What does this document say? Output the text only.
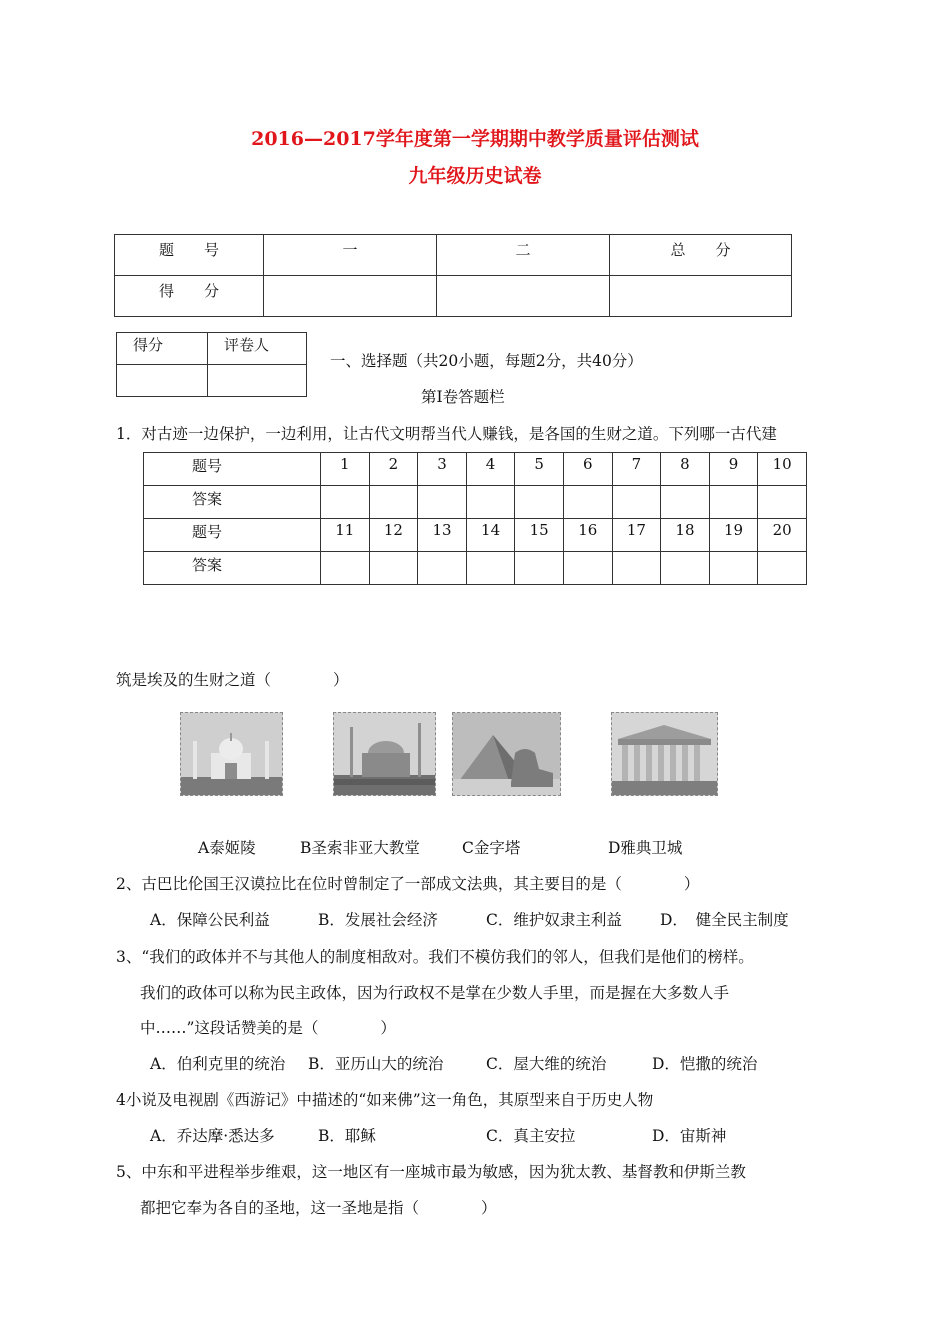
2016—2017学年度第一学期期中教学质量评估测试
九年级历史试卷
题　　号	一	二	总　　分
得　　分			
得分	评卷人

一、选择题（共20小题，每题2分，共40分）
第Ⅰ卷答题栏
1．对古迹一边保护，一边利用，让古代文明帮当代人赚钱，是各国的生财之道。下列哪一古代建
题号	1	2	3	4	5	6	7	8	9	10
答案										
题号	11	12	13	14	15	16	17	18	19	20
答案										
筑是埃及的生财之道（　　　　）
A泰姬陵	B圣索非亚大教堂	C金字塔	D雅典卫城
2、古巴比伦国王汉谟拉比在位时曾制定了一部成文法典，其主要目的是（　　　　）
A．保障公民利益	B．发展社会经济	C．维护奴隶主利益 D．　健全民主制度
3、“我们的政体并不与其他人的制度相敌对。我们不模仿我们的邻人，但我们是他们的榜样。
我们的政体可以称为民主政体，因为行政权不是掌在少数人手里，而是握在大多数人手
中……”这段话赞美的是（　　　　）
A．伯利克里的统治 B．亚历山大的统治	C．屋大维的统治	D．恺撒的统治
4小说及电视剧《西游记》中描述的“如来佛”这一角色，其原型来自于历史人物
A．乔达摩·悉达多	B．耶稣	C．真主安拉	D．宙斯神
5、中东和平进程举步维艰，这一地区有一座城市最为敏感，因为犹太教、基督教和伊斯兰教
都把它奉为各自的圣地，这一圣地是指（　　　　）
